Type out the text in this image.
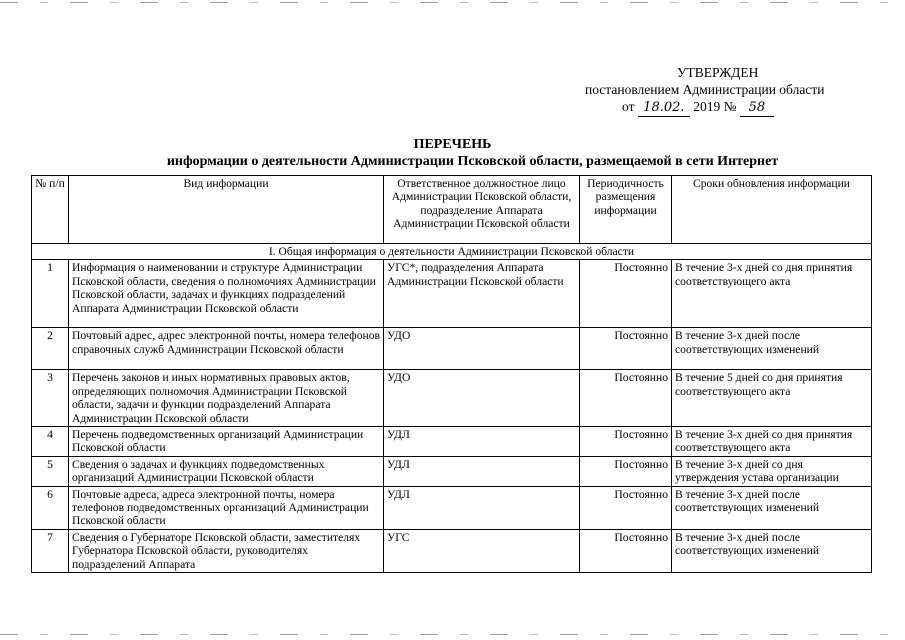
УТВЕРЖДЕН
постановлением Администрации области
от 18.02. 2019 № 58
ПЕРЕЧЕНЬ
информации о деятельности Администрации Псковской области, размещаемой в сети Интернет
№ п/п	Вид информации	Ответственное должностное лицо Администрации Псковской области, подразделение Аппарата Администрации Псковской области	Периодичность размещения информации	Сроки обновления информации
I. Общая информация о деятельности Администрации Псковской области				
1	Информация о наименовании и структуре Администрации Псковской области, сведения о полномочиях Администрации Псковской области, задачах и функциях подразделений Аппарата Администрации Псковской области	УГС*, подразделения Аппарата Администрации Псковской области	Постоянно	В течение 3-х дней со дня принятия соответствующего акта
2	Почтовый адрес, адрес электронной почты, номера телефонов справочных служб Администрации Псковской области	УДО	Постоянно	В течение 3-х дней после соответствующих изменений
3	Перечень законов и иных нормативных правовых актов, определяющих полномочия Администрации Псковской области, задачи и функции подразделений Аппарата Администрации Псковской области	УДО	Постоянно	В течение 5 дней со дня принятия соответствующего акта
4	Перечень подведомственных организаций Администрации Псковской области	УДЛ	Постоянно	В течение 3-х дней со дня принятия соответствующего акта
5	Сведения о задачах и функциях подведомственных организаций Администрации Псковской области	УДЛ	Постоянно	В течение 3-х дней со дня утверждения устава организации
6	Почтовые адреса, адреса электронной почты, номера телефонов подведомственных организаций Администрации Псковской области	УДЛ	Постоянно	В течение 3-х дней после соответствующих изменений
7	Сведения о Губернаторе Псковской области, заместителях Губернатора Псковской области, руководителях подразделений Аппарата	УГС	Постоянно	В течение 3-х дней после соответствующих изменений
